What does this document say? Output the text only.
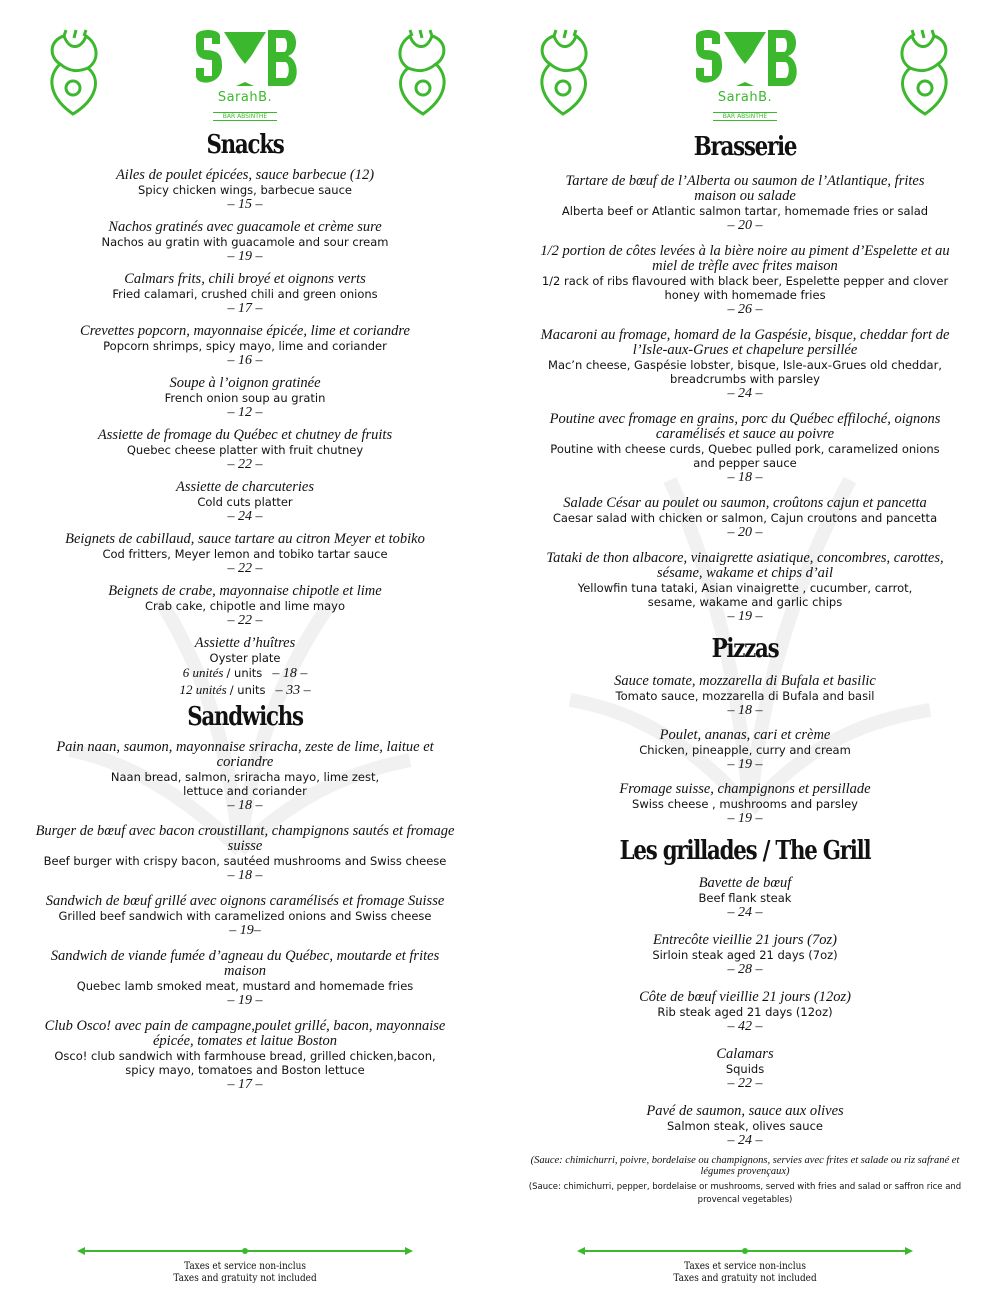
SarahB.
BAR ABSINTHE
Snacks
Ailes de poulet épicées, sauce barbecue (12)
Spicy chicken wings, barbecue sauce
– 15 –
Nachos gratinés avec guacamole et crème sure
Nachos au gratin with guacamole and sour cream
– 19 –
Calmars frits, chili broyé et oignons verts
Fried calamari, crushed chili and green onions
– 17 –
Crevettes popcorn, mayonnaise épicée, lime et coriandre
Popcorn shrimps, spicy mayo, lime and coriander
– 16 –
Soupe à l’oignon gratinée
French onion soup au gratin
– 12 –
Assiette de fromage du Québec et chutney de fruits
Quebec cheese platter with fruit chutney
– 22 –
Assiette de charcuteries
Cold cuts platter
– 24 –
Beignets de cabillaud, sauce tartare au citron Meyer et tobiko
Cod fritters, Meyer lemon and tobiko tartar sauce
– 22 –
Beignets de crabe, mayonnaise chipotle et lime
Crab cake, chipotle and lime mayo
– 22 –
Assiette d’huîtres
Oyster plate
6 unités / units – 18 –
12 unités / units – 33 –
Sandwichs
Pain naan, saumon, mayonnaise sriracha, zeste de lime, laitue et coriandre
Naan bread, salmon, sriracha mayo, lime zest, lettuce and coriander
– 18 –
Burger de bœuf avec bacon croustillant, champignons sautés et fromage suisse
Beef burger with crispy bacon, sautéed mushrooms and Swiss cheese
– 18 –
Sandwich de bœuf grillé avec oignons caramélisés et fromage Suisse
Grilled beef sandwich with caramelized onions and Swiss cheese
– 19–
Sandwich de viande fumée d’agneau du Québec, moutarde et frites maison
Quebec lamb smoked meat, mustard and homemade fries
– 19 –
Club Osco! avec pain de campagne,poulet grillé, bacon, mayonnaise épicée, tomates et laitue Boston
Osco! club sandwich with farmhouse bread, grilled chicken,bacon, spicy mayo, tomatoes and Boston lettuce
– 17 –
Taxes et service non-inclus
Taxes and gratuity not included
SarahB.
BAR ABSINTHE
Brasserie
Tartare de bœuf de l’Alberta ou saumon de l’Atlantique, frites maison ou salade
Alberta beef or Atlantic salmon tartar, homemade fries or salad
– 20 –
1/2 portion de côtes levées à la bière noire au piment d’Espelette et au miel de trèfle avec frites maison
1/2 rack of ribs flavoured with black beer, Espelette pepper and clover honey with homemade fries
– 26 –
Macaroni au fromage, homard de la Gaspésie, bisque, cheddar fort de l’Isle-aux-Grues et chapelure persillée
Mac’n cheese, Gaspésie lobster, bisque, Isle-aux-Grues old cheddar, breadcrumbs with parsley
– 24 –
Poutine avec fromage en grains, porc du Québec effiloché, oignons caramélisés et sauce au poivre
Poutine with cheese curds, Quebec pulled pork, caramelized onions and pepper sauce
– 18 –
Salade César au poulet ou saumon, croûtons cajun et pancetta
Caesar salad with chicken or salmon, Cajun croutons and pancetta
– 20 –
Tataki de thon albacore, vinaigrette asiatique, concombres, carottes, sésame, wakame et chips d’ail
Yellowfin tuna tataki, Asian vinaigrette , cucumber, carrot, sesame, wakame and garlic chips
– 19 –
Pizzas
Sauce tomate, mozzarella di Bufala et basilic
Tomato sauce, mozzarella di Bufala and basil
– 18 –
Poulet, ananas, cari et crème
Chicken, pineapple, curry and cream
– 19 –
Fromage suisse, champignons et persillade
Swiss cheese , mushrooms and parsley
– 19 –
Les grillades / The Grill
Bavette de bœuf
Beef flank steak
– 24 –
Entrecôte vieillie 21 jours (7oz)
Sirloin steak aged 21 days (7oz)
– 28 –
Côte de bœuf vieillie 21 jours (12oz)
Rib steak aged 21 days (12oz)
– 42 –
Calamars
Squids
– 22 –
Pavé de saumon, sauce aux olives
Salmon steak, olives sauce
– 24 –
(Sauce: chimichurri, poivre, bordelaise ou champignons, servies avec frites et salade ou riz safrané et légumes provençaux)
(Sauce: chimichurri, pepper, bordelaise or mushrooms, served with fries and salad or saffron rice and provencal vegetables)
Taxes et service non-inclus
Taxes and gratuity not included
